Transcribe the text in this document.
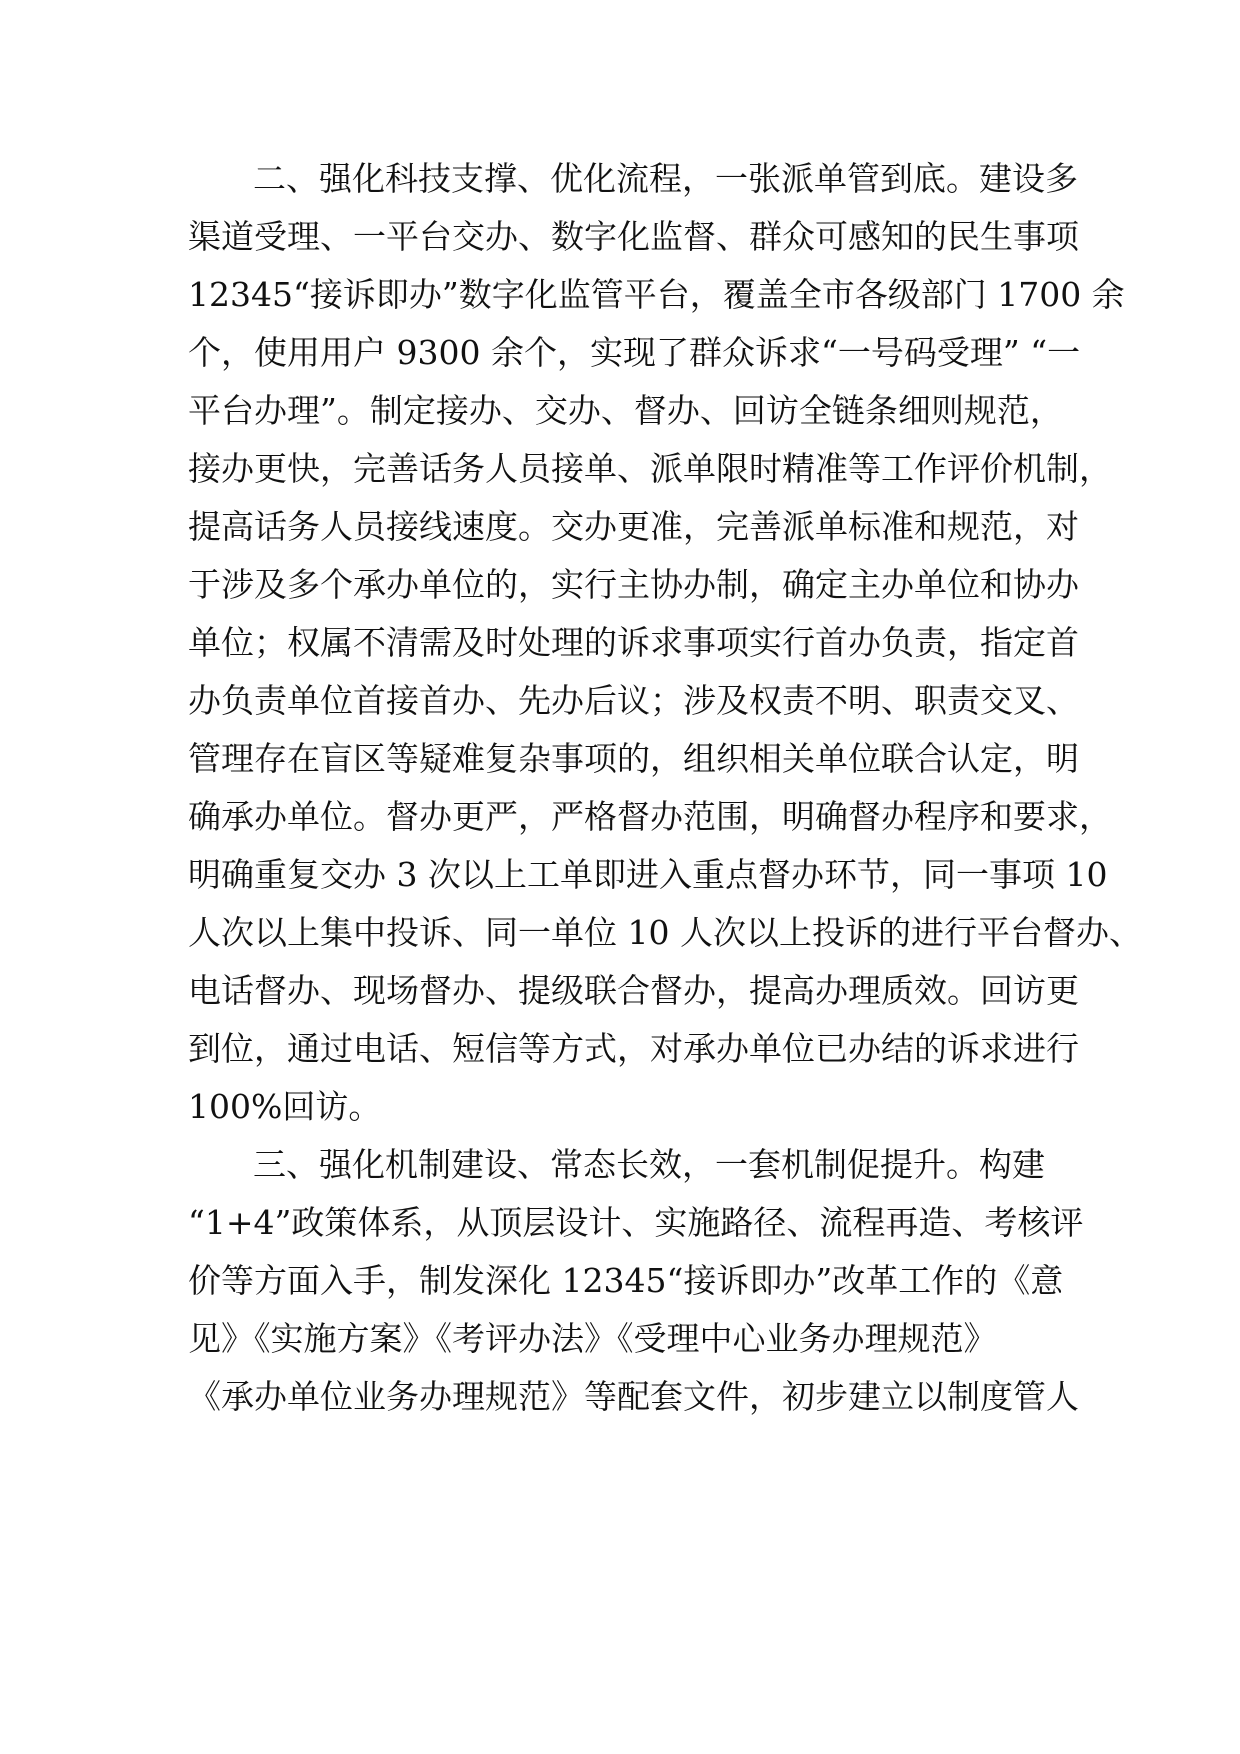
二、强化科技支撑、优化流程，一张派单管到底。建设多
渠道受理、一平台交办、数字化监督、群众可感知的民生事项
12345“接诉即办”数字化监管平台，覆盖全市各级部门 1700 余
个，使用用户 9300 余个，实现了群众诉求“一号码受理” “一
平台办理”。制定接办、交办、督办、回访全链条细则规范，
接办更快，完善话务人员接单、派单限时精准等工作评价机制，
提高话务人员接线速度。交办更准，完善派单标准和规范，对
于涉及多个承办单位的，实行主协办制，确定主办单位和协办
单位；权属不清需及时处理的诉求事项实行首办负责，指定首
办负责单位首接首办、先办后议；涉及权责不明、职责交叉、
管理存在盲区等疑难复杂事项的，组织相关单位联合认定，明
确承办单位。督办更严，严格督办范围，明确督办程序和要求，
明确重复交办 3 次以上工单即进入重点督办环节，同一事项 10
人次以上集中投诉、同一单位 10 人次以上投诉的进行平台督办、
电话督办、现场督办、提级联合督办，提高办理质效。回访更
到位，通过电话、短信等方式，对承办单位已办结的诉求进行
100%回访。
三、强化机制建设、常态长效，一套机制促提升。构建
“1+4”政策体系，从顶层设计、实施路径、流程再造、考核评
价等方面入手，制发深化 12345“接诉即办”改革工作的《意
见》《实施方案》《考评办法》《受理中心业务办理规范》
《承办单位业务办理规范》等配套文件，初步建立以制度管人
